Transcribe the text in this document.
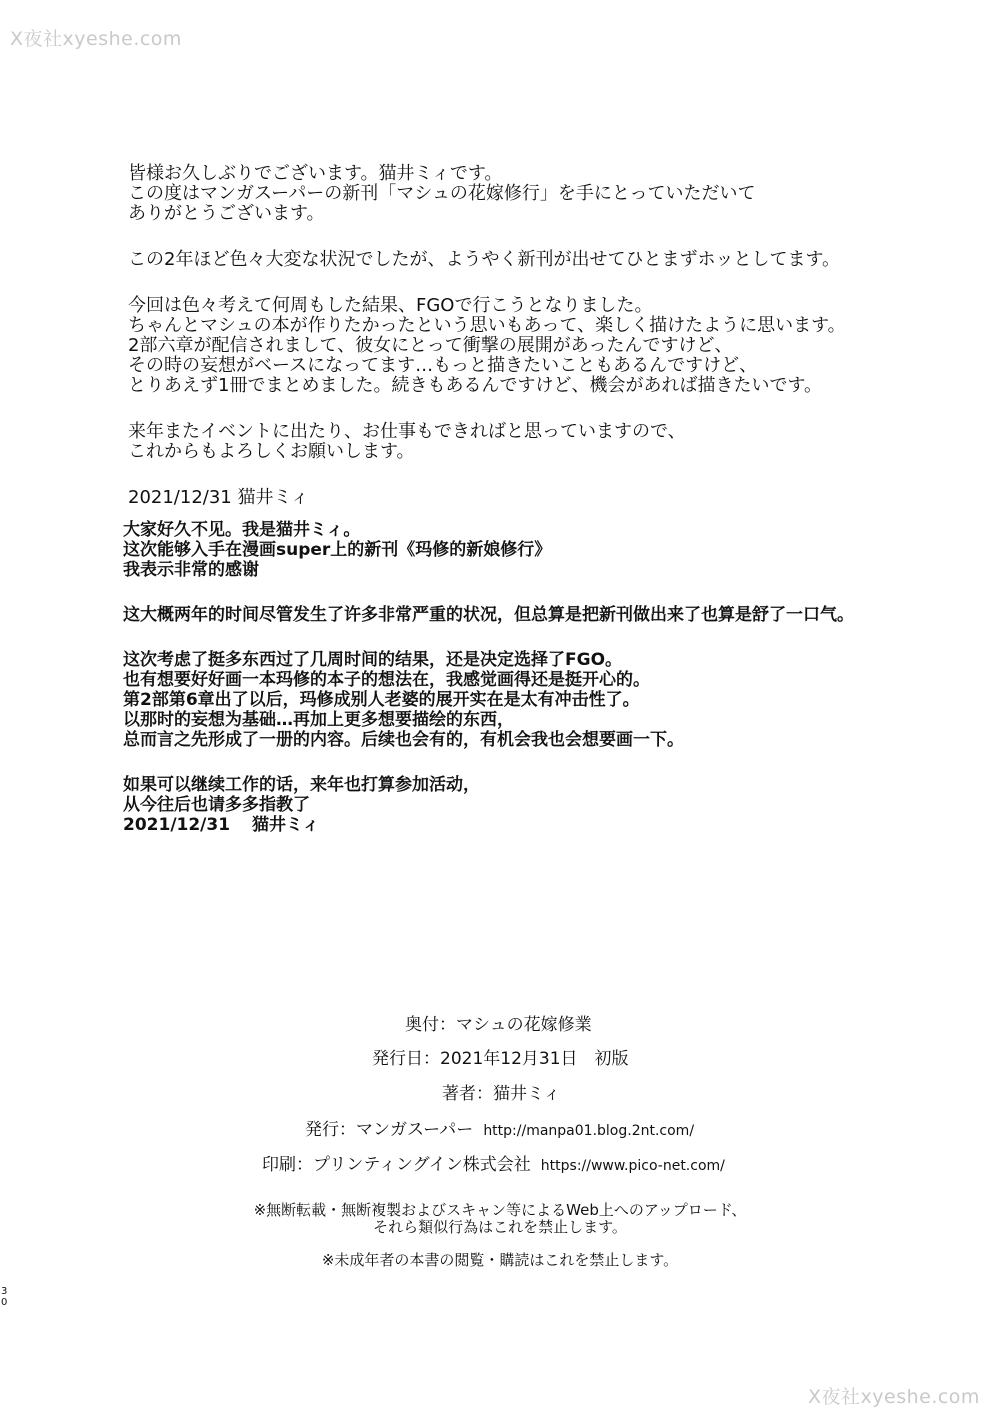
X夜社xyeshe.com

皆様お久しぶりでございます。猫井ミィです。

この度はマンガスーパーの新刊「マシュの花嫁修行」を手にとっていただいて

ありがとうございます。

この2年ほど色々大変な状況でしたが、ようやく新刊が出せてひとまずホッとしてます。

今回は色々考えて何周もした結果、FGOで行こうとなりました。

ちゃんとマシュの本が作りたかったという思いもあって、楽しく描けたように思います。

2部六章が配信されまして、彼女にとって衝撃の展開があったんですけど、

その時の妄想がベースになってます…もっと描きたいこともあるんですけど、

とりあえず1冊でまとめました。続きもあるんですけど、機会があれば描きたいです。

来年またイベントに出たり、お仕事もできればと思っていますので、

これからもよろしくお願いします。

2021/12/31 猫井ミィ

大家好久不见。我是猫井ミィ。

这次能够入手在漫画super上的新刊《玛修的新娘修行》

我表示非常的感谢

这大概两年的时间尽管发生了许多非常严重的状况，但总算是把新刊做出来了也算是舒了一口气。

这次考虑了挺多东西过了几周时间的结果，还是决定选择了FGO。

也有想要好好画一本玛修的本子的想法在，我感觉画得还是挺开心的。

第2部第6章出了以后，玛修成别人老婆的展开实在是太有冲击性了。

以那时的妄想为基础…再加上更多想要描绘的东西，

总而言之先形成了一册的内容。后续也会有的，有机会我也会想要画一下。

如果可以继续工作的话，来年也打算参加活动，

从今往后也请多多指教了

2021/12/31 猫井ミィ

奥付：マシュの花嫁修業
発行日：2021年12月31日　初版
著者：猫井ミィ
発行：マンガスーパー http://manpa01.blog.2nt.com/
印刷：プリンティングイン株式会社 https://www.pico-net.com/

※無断転載・無断複製およびスキャン等によるWeb上へのアップロード、

それら類似行為はこれを禁止します。

※未成年者の本書の閲覧・購読はこれを禁止します。

3
0
X夜社xyeshe.com
